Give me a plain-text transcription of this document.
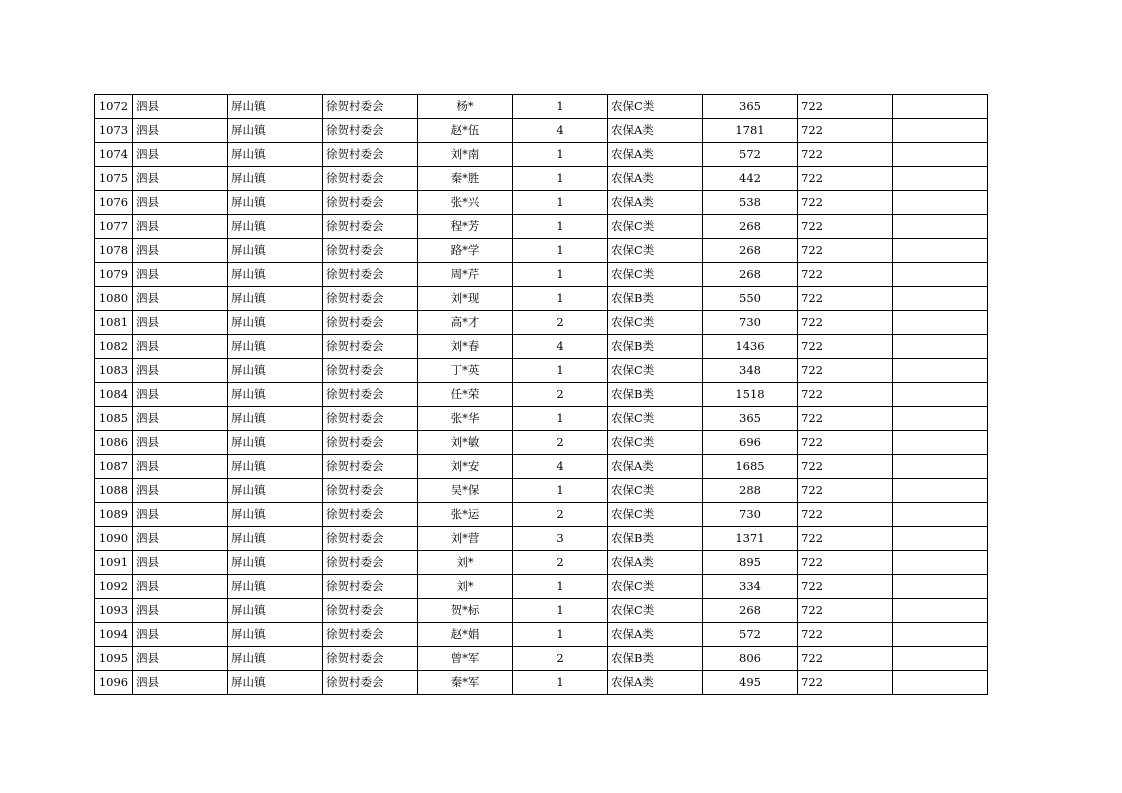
1072	泗县	屏山镇	徐贺村委会	杨*	1	农保C类	365	722	
1073	泗县	屏山镇	徐贺村委会	赵*伍	4	农保A类	1781	722	
1074	泗县	屏山镇	徐贺村委会	刘*南	1	农保A类	572	722	
1075	泗县	屏山镇	徐贺村委会	秦*胜	1	农保A类	442	722	
1076	泗县	屏山镇	徐贺村委会	张*兴	1	农保A类	538	722	
1077	泗县	屏山镇	徐贺村委会	程*芳	1	农保C类	268	722	
1078	泗县	屏山镇	徐贺村委会	路*学	1	农保C类	268	722	
1079	泗县	屏山镇	徐贺村委会	周*芹	1	农保C类	268	722	
1080	泗县	屏山镇	徐贺村委会	刘*现	1	农保B类	550	722	
1081	泗县	屏山镇	徐贺村委会	高*才	2	农保C类	730	722	
1082	泗县	屏山镇	徐贺村委会	刘*春	4	农保B类	1436	722	
1083	泗县	屏山镇	徐贺村委会	丁*英	1	农保C类	348	722	
1084	泗县	屏山镇	徐贺村委会	任*荣	2	农保B类	1518	722	
1085	泗县	屏山镇	徐贺村委会	张*华	1	农保C类	365	722	
1086	泗县	屏山镇	徐贺村委会	刘*敏	2	农保C类	696	722	
1087	泗县	屏山镇	徐贺村委会	刘*安	4	农保A类	1685	722	
1088	泗县	屏山镇	徐贺村委会	吴*保	1	农保C类	288	722	
1089	泗县	屏山镇	徐贺村委会	张*运	2	农保C类	730	722	
1090	泗县	屏山镇	徐贺村委会	刘*营	3	农保B类	1371	722	
1091	泗县	屏山镇	徐贺村委会	刘*	2	农保A类	895	722	
1092	泗县	屏山镇	徐贺村委会	刘*	1	农保C类	334	722	
1093	泗县	屏山镇	徐贺村委会	贺*标	1	农保C类	268	722	
1094	泗县	屏山镇	徐贺村委会	赵*娟	1	农保A类	572	722	
1095	泗县	屏山镇	徐贺村委会	曾*军	2	农保B类	806	722	
1096	泗县	屏山镇	徐贺村委会	秦*军	1	农保A类	495	722	
